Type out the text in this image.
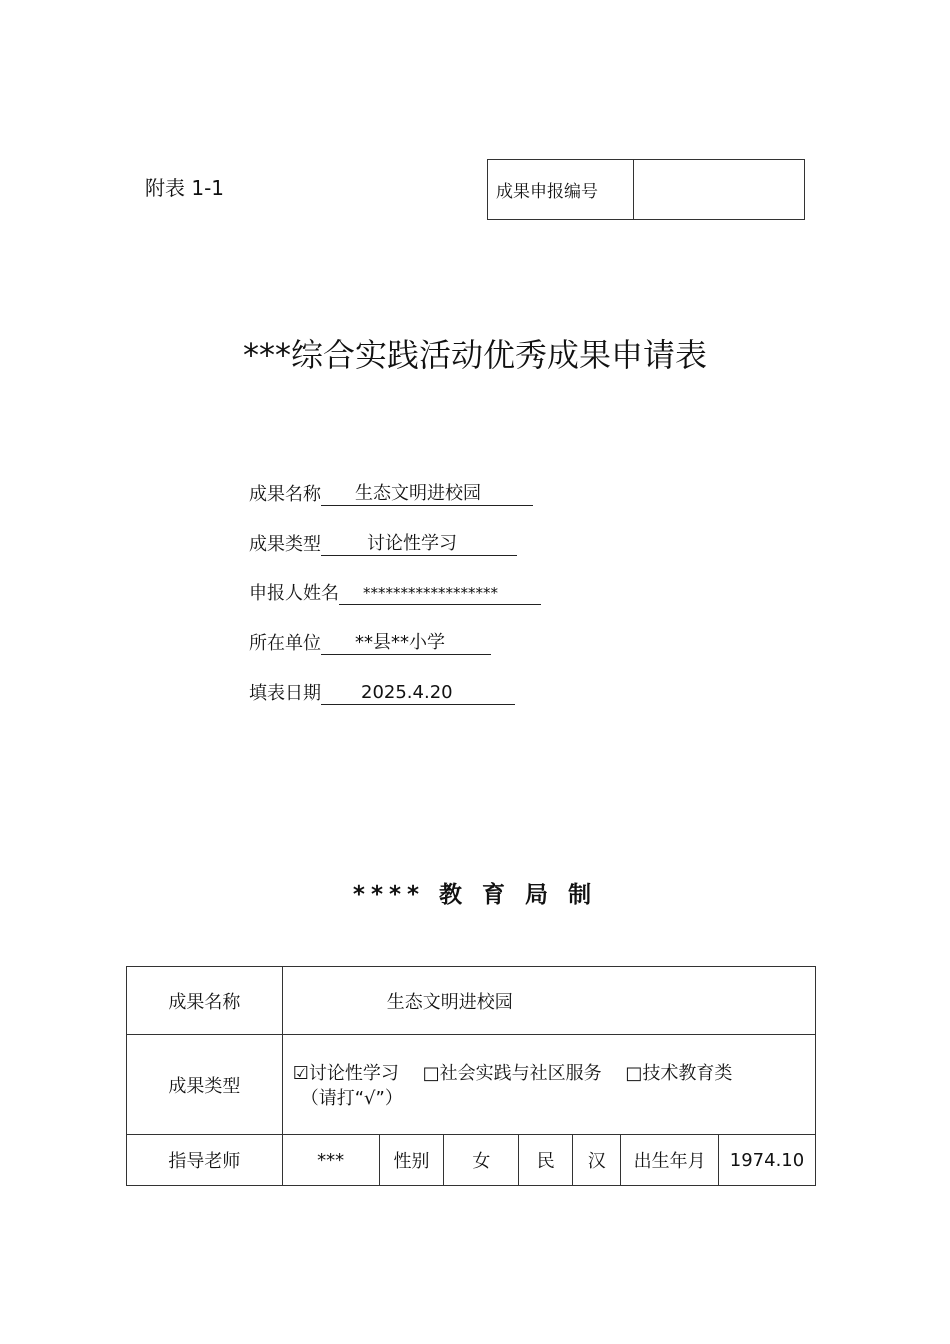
附表 1-1	成果申报编号
***综合实践活动优秀成果申请表
成果名称	生态文明进校园
成果类型	讨论性学习
申报人姓名	******************
所在单位	**县**小学
填表日期	2025.4.20
**** 教 育 局 制
成果名称	生态文明进校园						
成果类型	☑讨论性学习 □社会实践与社区服务 □技术教育类
（请打“√”）						

指导老师	***	性别	女	民	汉	出生年月	1974.10
